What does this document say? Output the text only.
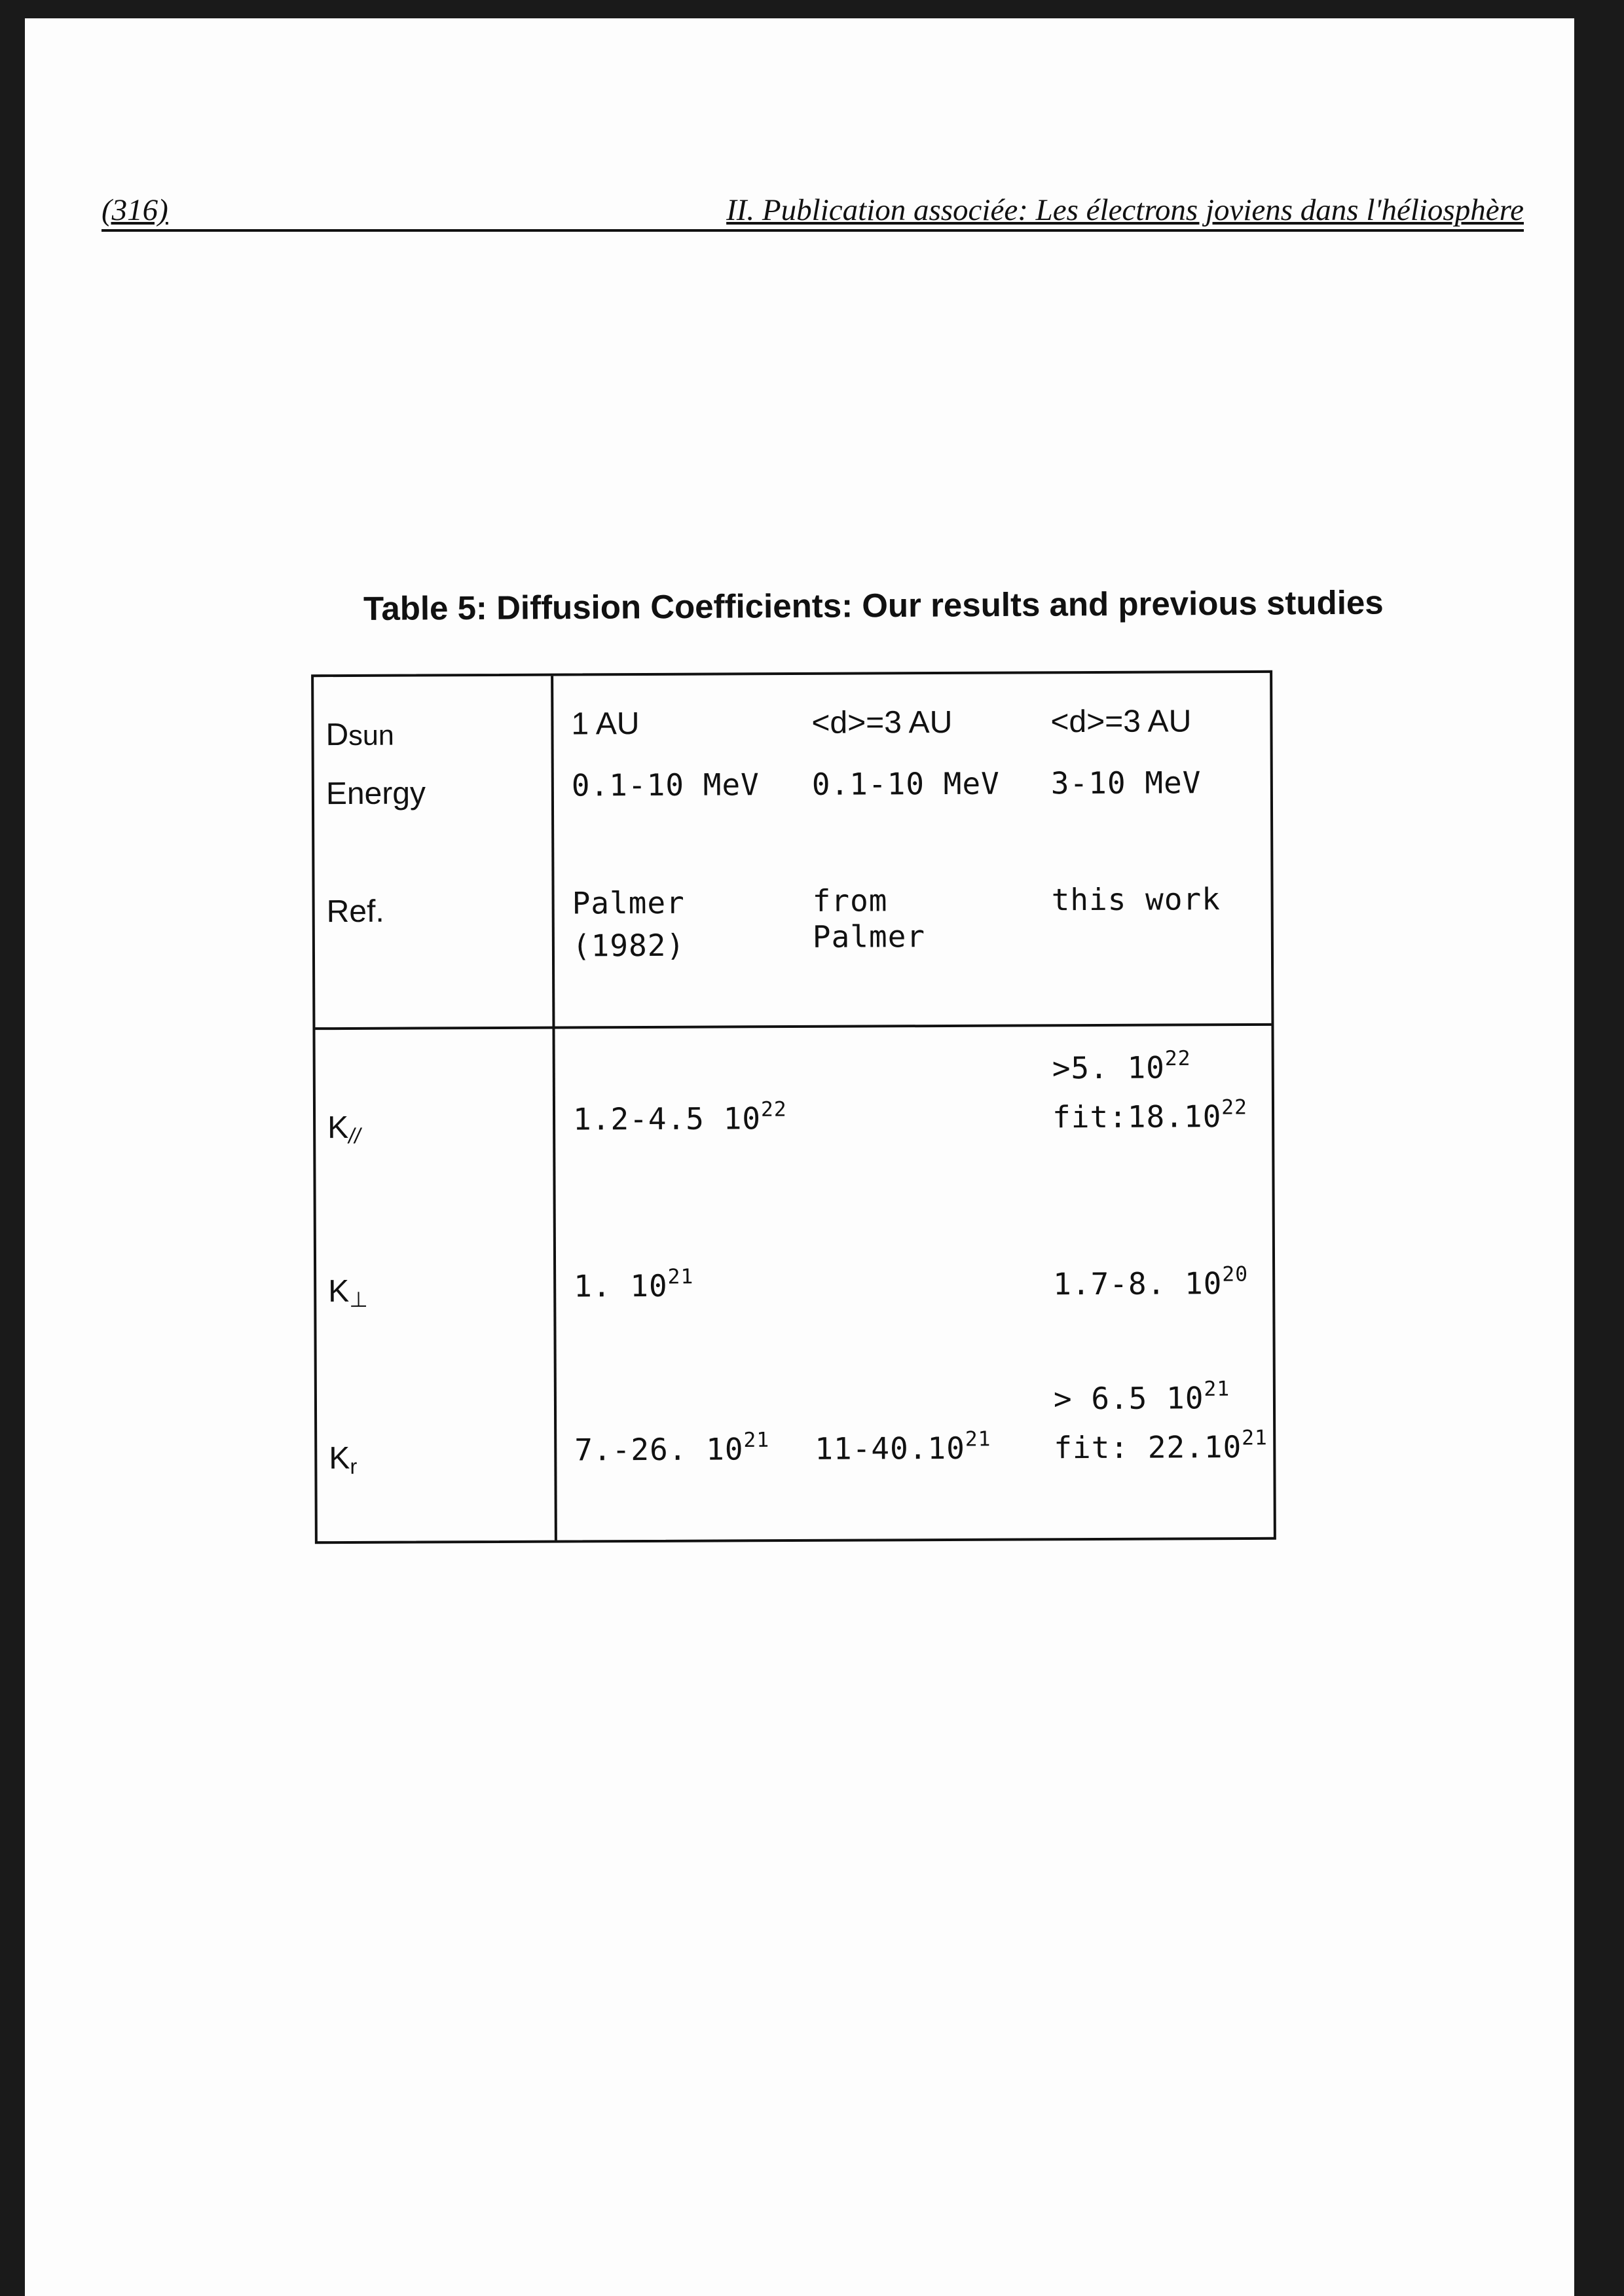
(316)	II. Publication associée: Les électrons joviens dans l'héliosphère
Table 5: Diffusion Coefficients: Our results and previous studies
Dsun
Energy
Ref.
$K_{//}$
$K_\perp$
$K_r$
1 AU
0.1-10 MeV
Palmer
(1982)
1.2-4.5 $10^{22}$
1. $10^{21}$
7.-26. $10^{21}$
<d>=3 AU
0.1-10 MeV
from
Palmer
$11-40.10^{21}$
<d>=3 AU
3-10 MeV
this work
>5. $10^{22}$
fit:18.10$^{22}$
1.7-8. $10^{20}$
> 6.5 $10^{21}$
fit: 22.10$^{21}$
